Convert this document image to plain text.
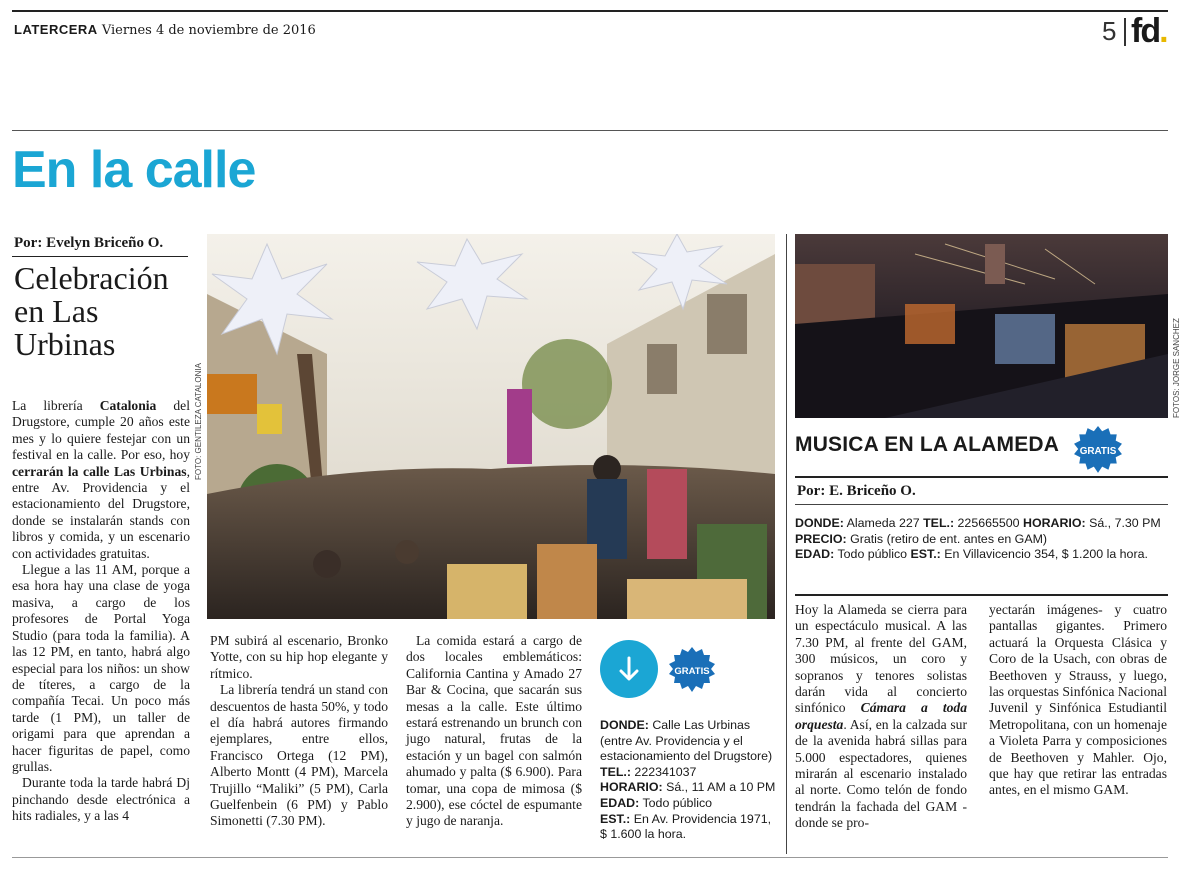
LATERCERA Viernes 4 de noviembre de 2016	5 fd.
En la calle
Por: Evelyn Briceño O.
Celebración en Las Urbinas

La librería Catalonia del Drugstore, cumple 20 años este mes y lo quiere festejar con un festival en la calle. Por eso, hoy cerrarán la calle Las Urbinas, entre Av. Providencia y el estacionamiento del Drugstore, donde se instalarán stands con libros y comida, y un escenario con actividades gratuitas.

Llegue a las 11 AM, porque a esa hora hay una clase de yoga masiva, a cargo de los profesores de Portal Yoga Studio (para toda la familia). A las 12 PM, en tanto, habrá algo especial para los niños: un show de títeres, a cargo de la compañía Tecai. Un poco más tarde (1 PM), un taller de origami para que aprendan a hacer figuritas de papel, como grullas.

Durante toda la tarde habrá Dj pinchando desde electrónica a hits radiales, y a las 4

FOTO: GENTILEZA CATALONIA

PM subirá al escenario, Bronko Yotte, con su hip hop elegante y rítmico.

La librería tendrá un stand con descuentos de hasta 50%, y todo el día habrá autores firmando ejemplares, entre ellos, Francisco Ortega (12 PM), Alberto Montt (4 PM), Marcela Trujillo “Maliki” (5 PM), Carla Guelfenbein (6 PM) y Pablo Simonetti (7.30 PM).

La comida estará a cargo de dos locales emblemáticos: California Cantina y Amado 27 Bar & Cocina, que sacarán sus mesas a la calle. Este último estará estrenando un brunch con jugo natural, frutas de la estación y un bagel con salmón ahumado y palta ($ 6.900). Para tomar, una copa de mimosa ($ 2.900), ese cóctel de espumante y jugo de naranja.

GRATIS
DONDE: Calle Las Urbinas (entre Av. Providencia y el estacionamiento del Drugstore)
TEL.: 222341037
HORARIO: Sá., 11 AM a 10 PM
EDAD: Todo público
EST.: En Av. Providencia 1971, $ 1.600 la hora.
FOTOS: JORGE SANCHEZ
MUSICA EN LA ALAMEDA GRATIS
Por: E. Briceño O.
DONDE: Alameda 227 TEL.: 225665500 HORARIO: Sá., 7.30 PM PRECIO: Gratis (retiro de ent. antes en GAM)
EDAD: Todo público EST.: En Villavicencio 354, $ 1.200 la hora.

Hoy la Alameda se cierra para un espectáculo musical. A las 7.30 PM, al frente del GAM, 300 músicos, un coro y sopranos y tenores solistas darán vida al concierto sinfónico Cámara a toda orquesta. Así, en la calzada sur de la avenida habrá sillas para 5.000 espectadores, quienes mirarán al escenario instalado al norte. Como telón de fondo tendrán la fachada del GAM -donde se pro-

yectarán imágenes- y cuatro pantallas gigantes. Primero actuará la Orquesta Clásica y Coro de la Usach, con obras de Beethoven y Strauss, y luego, las orquestas Sinfónica Nacional Juvenil y Sinfónica Estudiantil Metropolitana, con un homenaje a Violeta Parra y composiciones de Beethoven y Mahler. Ojo, que hay que retirar las entradas antes, en el mismo GAM.
